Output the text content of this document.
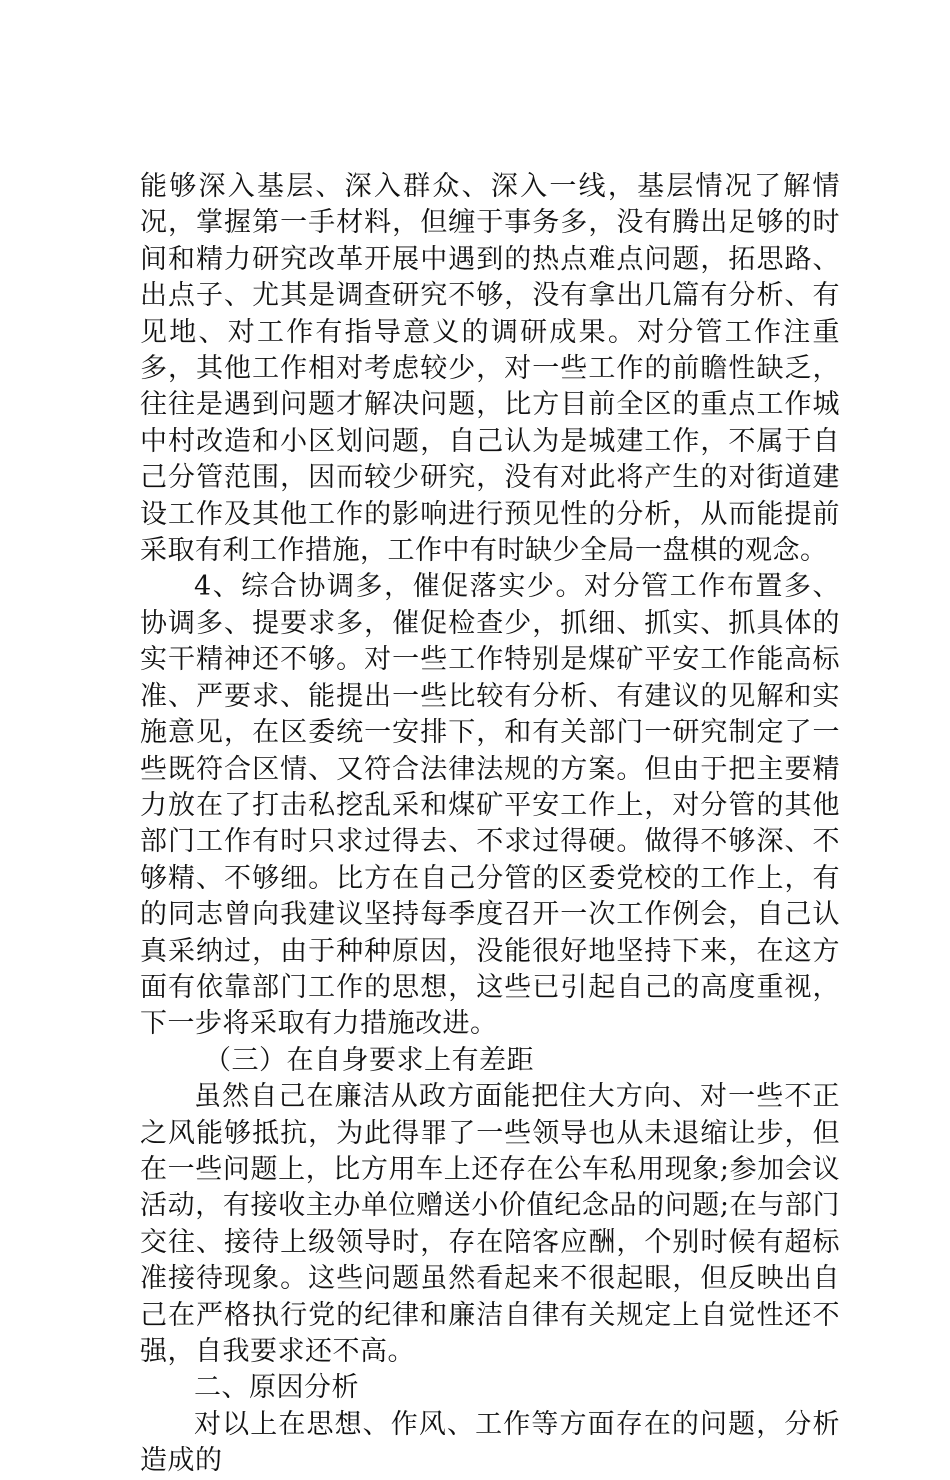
能够深入基层、深入群众、深入一线，基层情况了解情况，掌握第一手材料，但缠于事务多，没有腾出足够的时间和精力研究改革开展中遇到的热点难点问题，拓思路、出点子、尤其是调查研究不够，没有拿出几篇有分析、有见地、对工作有指导意义的调研成果。对分管工作注重多，其他工作相对考虑较少，对一些工作的前瞻性缺乏，往往是遇到问题才解决问题，比方目前全区的重点工作城中村改造和小区划问题，自己认为是城建工作，不属于自己分管范围，因而较少研究，没有对此将产生的对街道建设工作及其他工作的影响进行预见性的分析，从而能提前采取有利工作措施，工作中有时缺少全局一盘棋的观念。

4、综合协调多，催促落实少。对分管工作布置多、协调多、提要求多，催促检查少，抓细、抓实、抓具体的实干精神还不够。对一些工作特别是煤矿平安工作能高标准、严要求、能提出一些比较有分析、有建议的见解和实施意见，在区委统一安排下，和有关部门一研究制定了一些既符合区情、又符合法律法规的方案。但由于把主要精力放在了打击私挖乱采和煤矿平安工作上，对分管的其他部门工作有时只求过得去、不求过得硬。做得不够深、不够精、不够细。比方在自己分管的区委党校的工作上，有的同志曾向我建议坚持每季度召开一次工作例会，自己认真采纳过，由于种种原因，没能很好地坚持下来，在这方面有依靠部门工作的思想，这些已引起自己的高度重视，下一步将采取有力措施改进。

（三）在自身要求上有差距

虽然自己在廉洁从政方面能把住大方向、对一些不正之风能够抵抗，为此得罪了一些领导也从未退缩让步，但在一些问题上，比方用车上还存在公车私用现象;参加会议活动，有接收主办单位赠送小价值纪念品的问题;在与部门交往、接待上级领导时，存在陪客应酬，个别时候有超标准接待现象。这些问题虽然看起来不很起眼，但反映出自己在严格执行党的纪律和廉洁自律有关规定上自觉性还不强，自我要求还不高。

二、原因分析

对以上在思想、作风、工作等方面存在的问题，分析造成的
